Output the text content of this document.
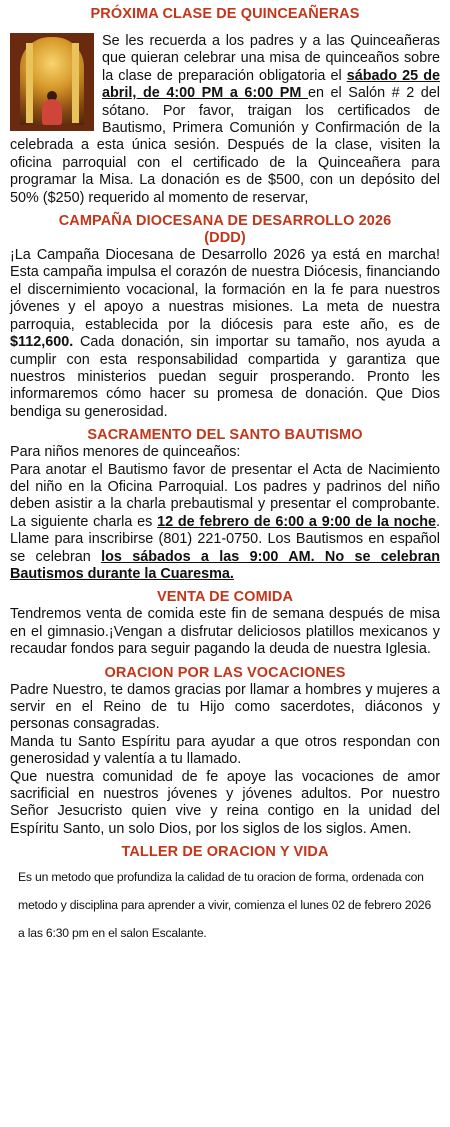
PRÓXIMA CLASE DE QUINCEAÑERAS

Se les recuerda a los padres y a las Quinceañeras que quieran celebrar una misa de quinceaños sobre la clase de preparación obligatoria el sábado 25 de abril, de 4:00 PM a 6:00 PM en el Salón # 2 del sótano. Por favor, traigan los certificados de Bautismo, Primera Comunión y Confirmación de la celebrada a esta única sesión. Después de la clase, visiten la oficina parroquial con el certificado de la Quinceañera para programar la Misa. La donación es de $500, con un depósito del 50% ($250) requerido al momento de reservar,

CAMPAÑA DIOCESANA DE DESARROLLO 2026
(DDD)

¡La Campaña Diocesana de Desarrollo 2026 ya está en marcha! Esta campaña impulsa el corazón de nuestra Diócesis, financiando el discernimiento vocacional, la formación en la fe para nuestros jóvenes y el apoyo a nuestras misiones. La meta de nuestra parroquia, establecida por la diócesis para este año, es de $112,600. Cada donación, sin importar su tamaño, nos ayuda a cumplir con esta responsabilidad compartida y garantiza que nuestros ministerios puedan seguir prosperando. Pronto les informaremos cómo hacer su promesa de donación. Que Dios bendiga su generosidad.

SACRAMENTO DEL SANTO BAUTISMO

Para niños menores de quinceaños:

Para anotar el Bautismo favor de presentar el Acta de Nacimiento del niño en la Oficina Parroquial. Los padres y padrinos del niño deben asistir a la charla prebautismal y presentar el comprobante. La siguiente charla es 12 de febrero de 6:00 a 9:00 de la noche. Llame para inscribirse (801) 221-0750. Los Bautismos en español se celebran los sábados a las 9:00 AM. No se celebran Bautismos durante la Cuaresma.

VENTA DE COMIDA

Tendremos venta de comida este fin de semana después de misa en el gimnasio.¡Vengan a disfrutar deliciosos platillos mexicanos y recaudar fondos para seguir pagando la deuda de nuestra Iglesia.

ORACION POR LAS VOCACIONES

Padre Nuestro, te damos gracias por llamar a hombres y mujeres a servir en el Reino de tu Hijo como sacerdotes, diáconos y personas consagradas.

Manda tu Santo Espíritu para ayudar a que otros respondan con generosidad y valentía a tu llamado.

Que nuestra comunidad de fe apoye las vocaciones de amor sacrificial en nuestros jóvenes y jóvenes adultos. Por nuestro Señor Jesucristo quien vive y reina contigo en la unidad del Espíritu Santo, un solo Dios, por los siglos de los siglos. Amen.

TALLER DE ORACION Y VIDA

Es un metodo que profundiza la calidad de tu oracion de forma, ordenada con metodo y disciplina para aprender a vivir, comienza el lunes 02 de febrero 2026 a las 6:30 pm en el salon Escalante.
